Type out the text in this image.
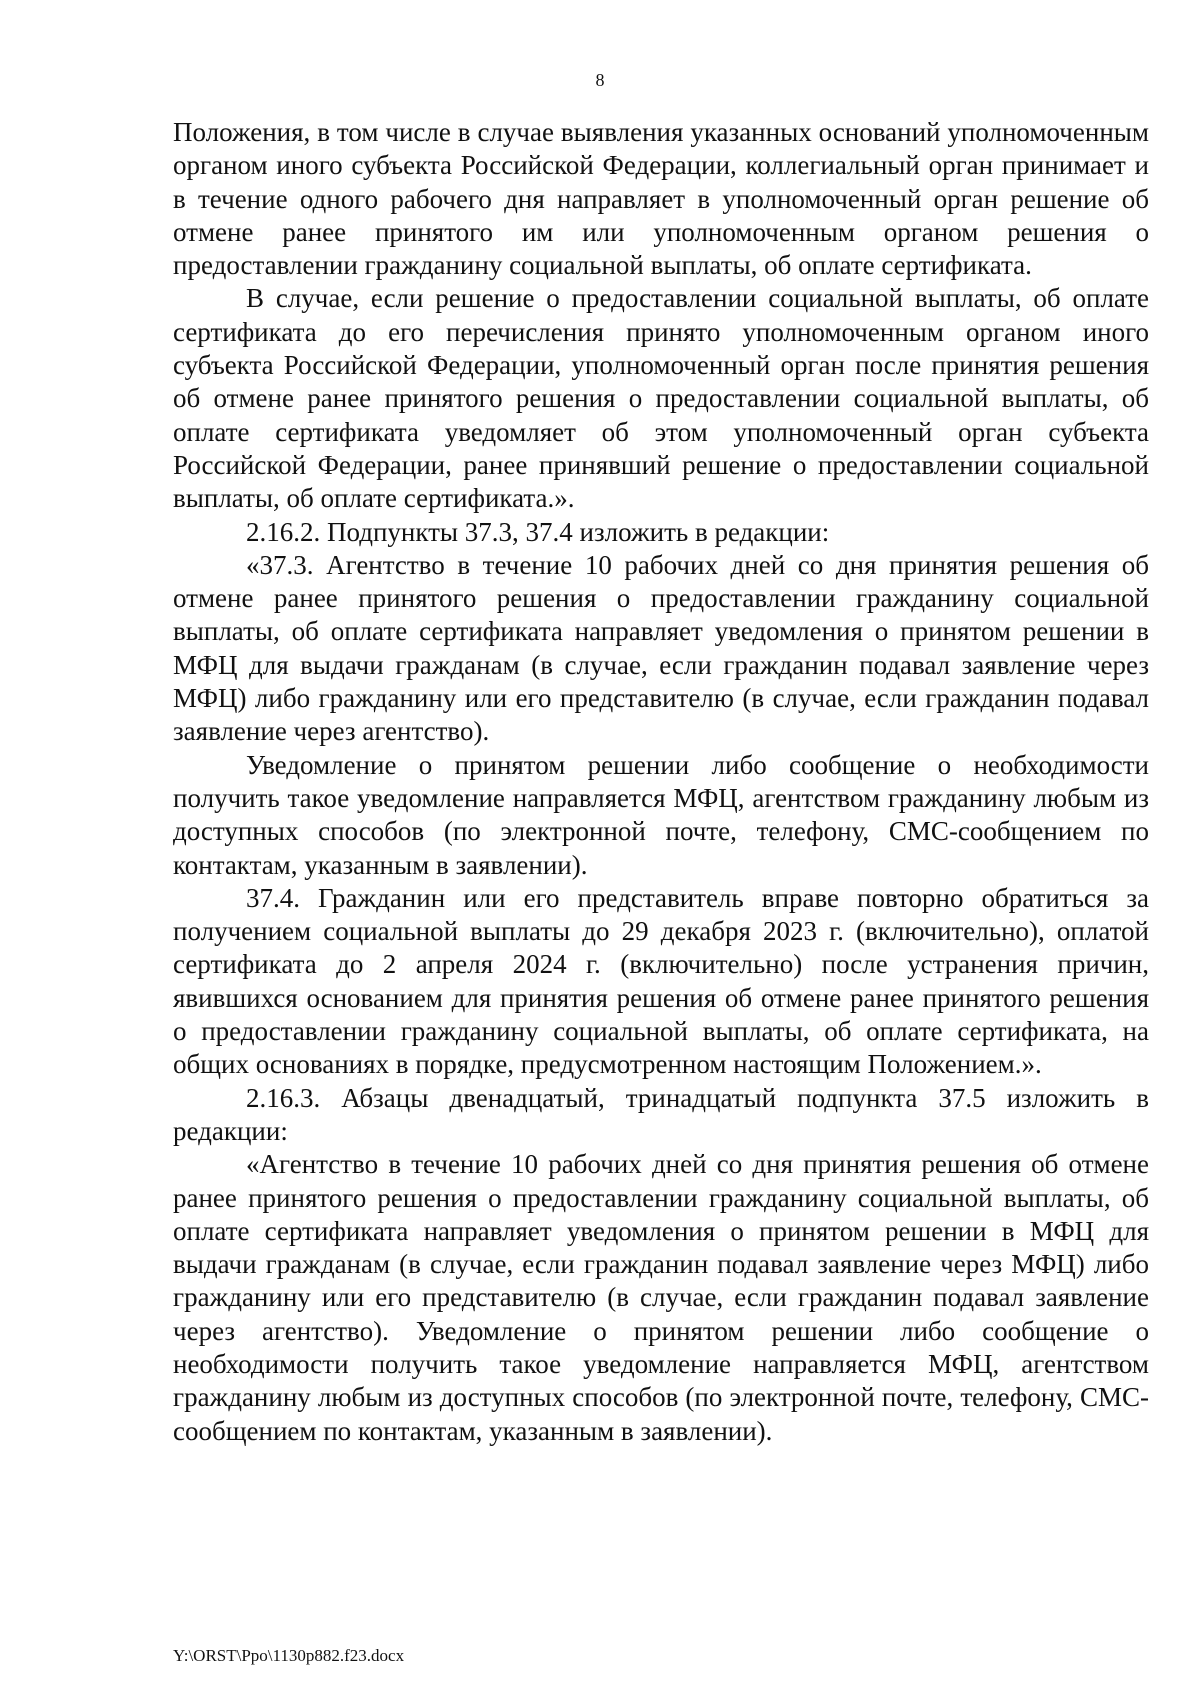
8

Положения, в том числе в случае выявления указанных оснований уполномоченным органом иного субъекта Российской Федерации, коллегиальный орган принимает и в течение одного рабочего дня направляет в уполномоченный орган решение об отмене ранее принятого им или уполномоченным органом решения о предоставлении гражданину социальной выплаты, об оплате сертификата.

В случае, если решение о предоставлении социальной выплаты, об оплате сертификата до его перечисления принято уполномоченным органом иного субъекта Российской Федерации, уполномоченный орган после принятия решения об отмене ранее принятого решения о предоставлении социальной выплаты, об оплате сертификата уведомляет об этом уполномоченный орган субъекта Российской Федерации, ранее принявший решение о предоставлении социальной выплаты, об оплате сертификата.».

2.16.2. Подпункты 37.3, 37.4 изложить в редакции:

«37.3. Агентство в течение 10 рабочих дней со дня принятия решения об отмене ранее принятого решения о предоставлении гражданину социальной выплаты, об оплате сертификата направляет уведомления о принятом решении в МФЦ для выдачи гражданам (в случае, если гражданин подавал заявление через МФЦ) либо гражданину или его представителю (в случае, если гражданин подавал заявление через агентство).

Уведомление о принятом решении либо сообщение о необходимости получить такое уведомление направляется МФЦ, агентством гражданину любым из доступных способов (по электронной почте, телефону, СМС-сообщением по контактам, указанным в заявлении).

37.4. Гражданин или его представитель вправе повторно обратиться за получением социальной выплаты до 29 декабря 2023 г. (включительно), оплатой сертификата до 2 апреля 2024 г. (включительно) после устранения причин, явившихся основанием для принятия решения об отмене ранее принятого решения о предоставлении гражданину социальной выплаты, об оплате сертификата, на общих основаниях в порядке, предусмотренном настоящим Положением.».

2.16.3. Абзацы двенадцатый, тринадцатый подпункта 37.5 изложить в редакции:

«Агентство в течение 10 рабочих дней со дня принятия решения об отмене ранее принятого решения о предоставлении гражданину социальной выплаты, об оплате сертификата направляет уведомления о принятом решении в МФЦ для выдачи гражданам (в случае, если гражданин подавал заявление через МФЦ) либо гражданину или его представителю (в случае, если гражданин подавал заявление через агентство). Уведомление о принятом решении либо сообщение о необходимости получить такое уведомление направляется МФЦ, агентством гражданину любым из доступных способов (по электронной почте, телефону, СМС-сообщением по контактам, указанным в заявлении).

Y:\ORST\Ppo\1130p882.f23.docx
